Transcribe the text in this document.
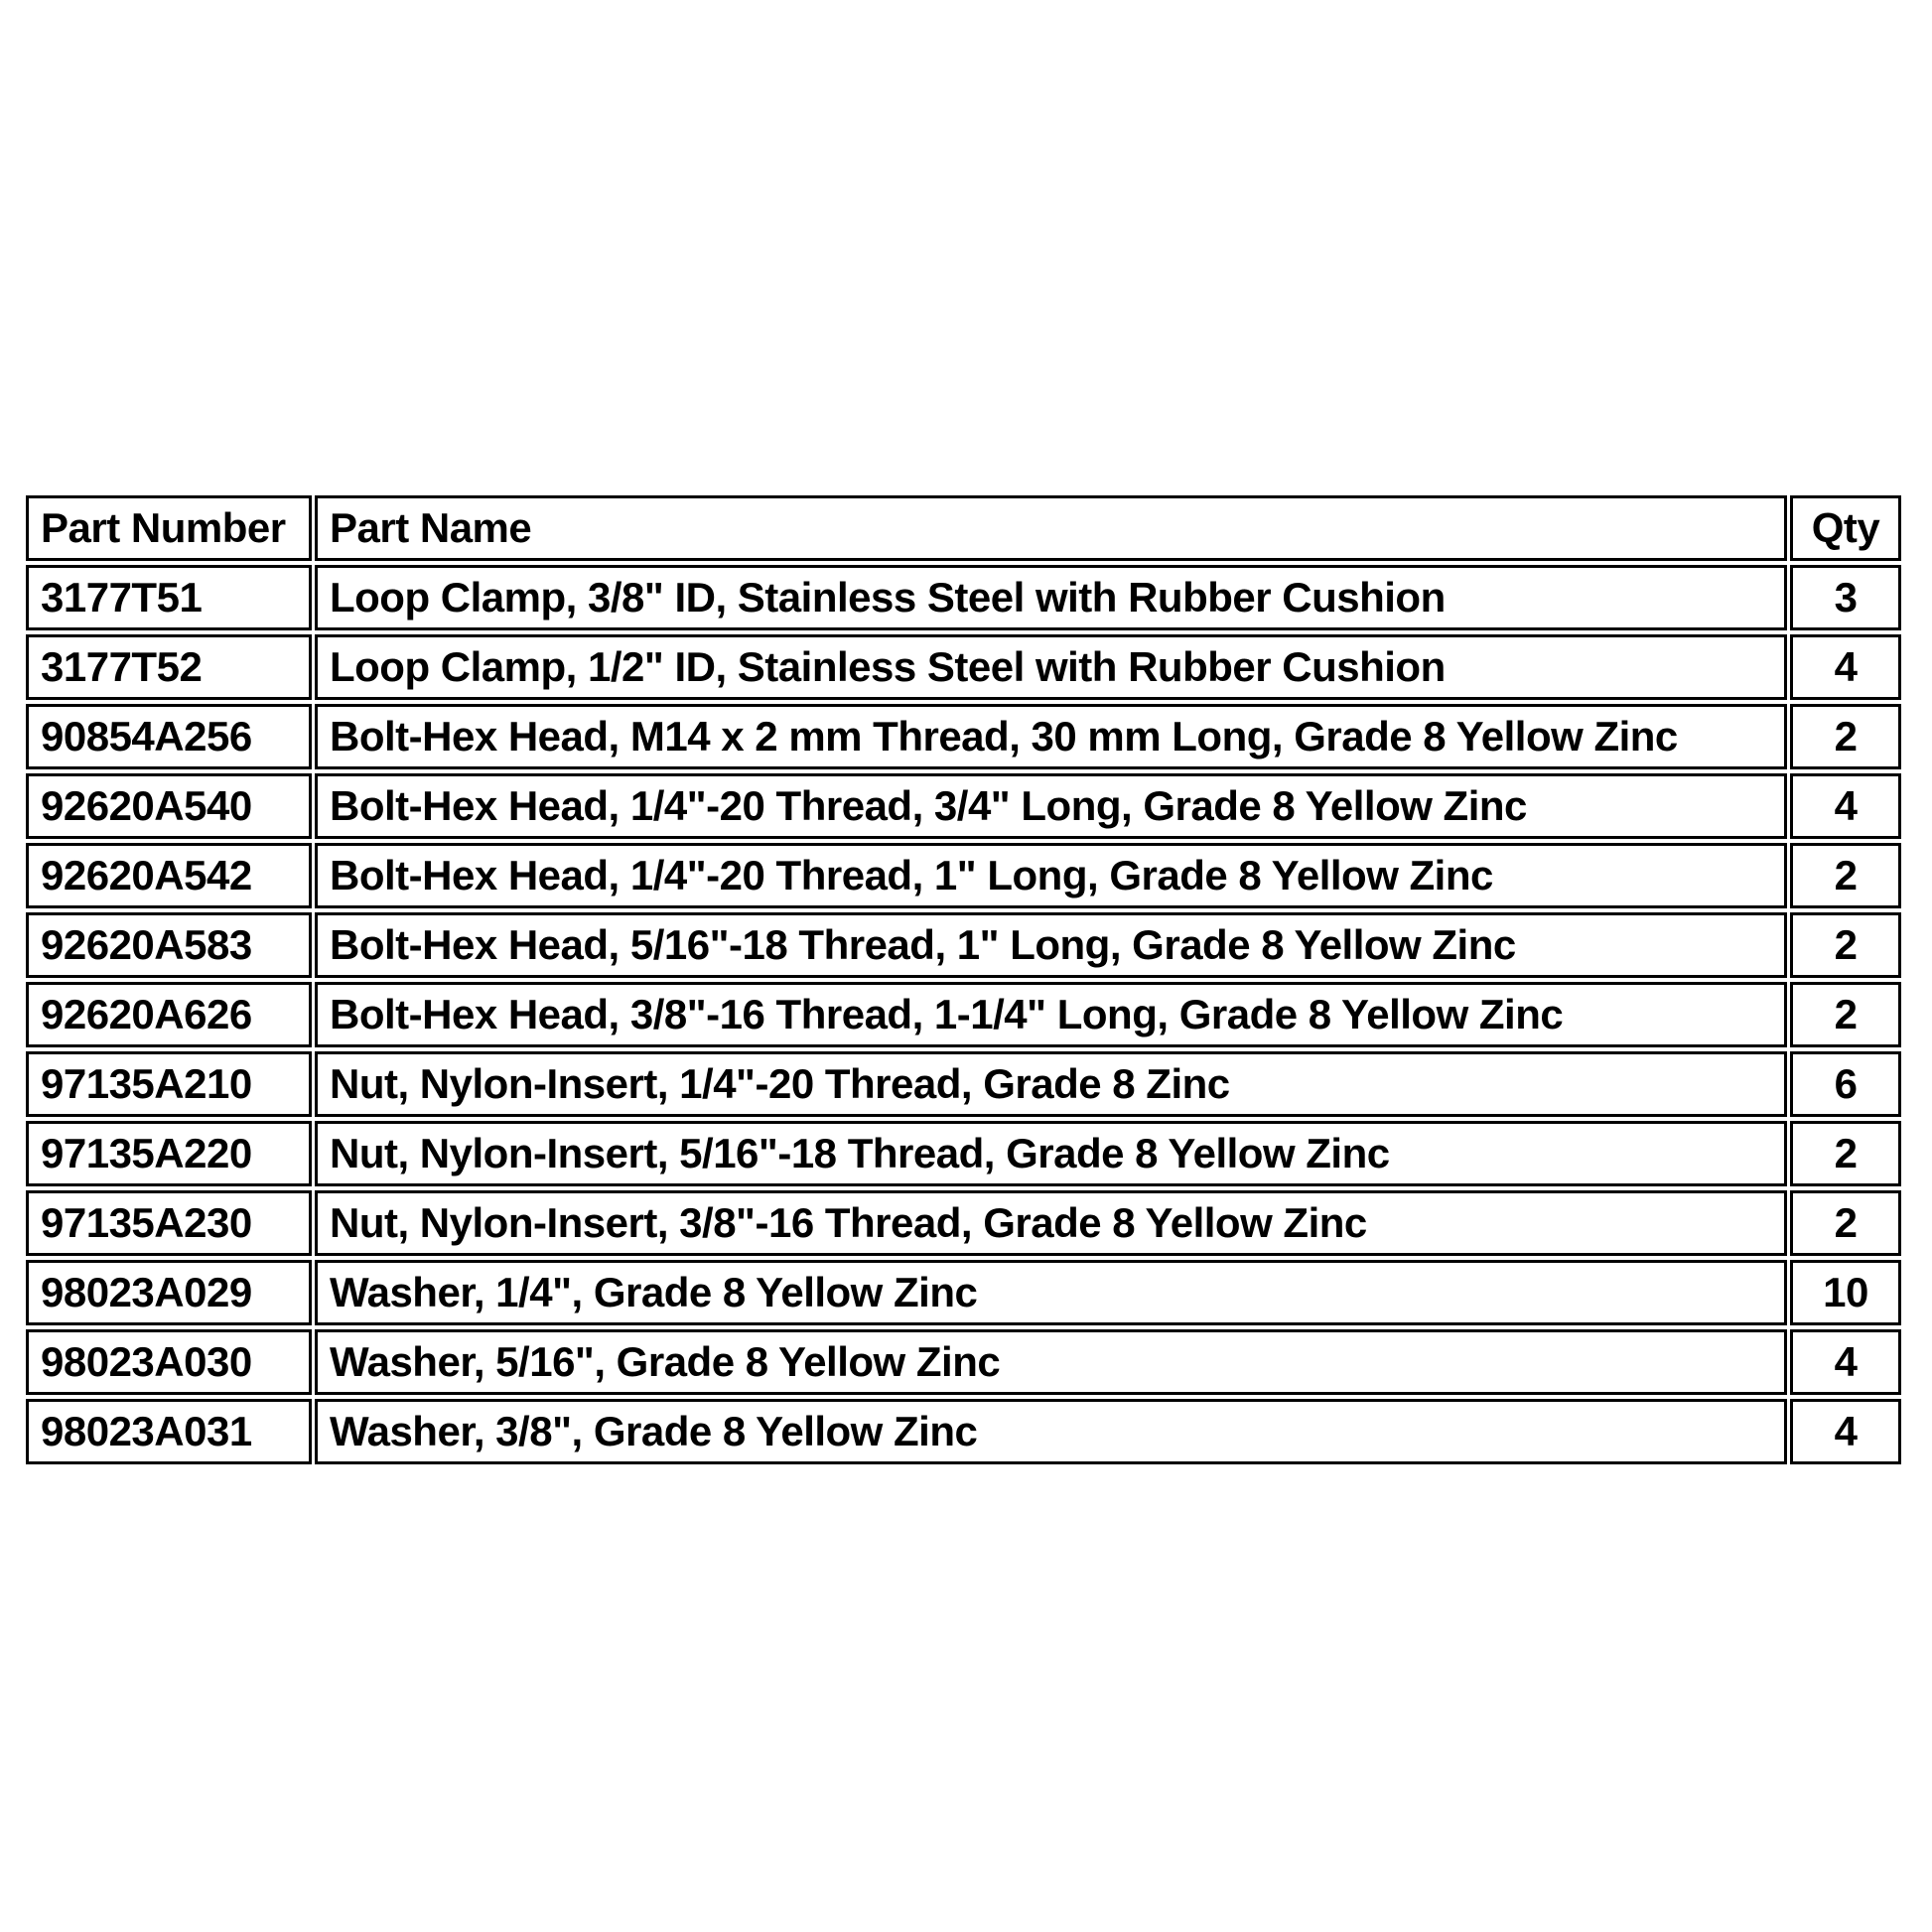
Part Number	Part Name	Qty
3177T51	Loop Clamp, 3/8" ID, Stainless Steel with Rubber Cushion	3
3177T52	Loop Clamp, 1/2" ID, Stainless Steel with Rubber Cushion	4
90854A256	Bolt-Hex Head, M14 x 2 mm Thread, 30 mm Long, Grade 8 Yellow Zinc	2
92620A540	Bolt-Hex Head, 1/4"-20 Thread, 3/4" Long, Grade 8 Yellow Zinc	4
92620A542	Bolt-Hex Head, 1/4"-20 Thread, 1" Long, Grade 8 Yellow Zinc	2
92620A583	Bolt-Hex Head, 5/16"-18 Thread, 1" Long, Grade 8 Yellow Zinc	2
92620A626	Bolt-Hex Head, 3/8"-16 Thread, 1-1/4" Long, Grade 8 Yellow Zinc	2
97135A210	Nut, Nylon-Insert, 1/4"-20 Thread, Grade 8 Zinc	6
97135A220	Nut, Nylon-Insert, 5/16"-18 Thread, Grade 8 Yellow Zinc	2
97135A230	Nut, Nylon-Insert, 3/8"-16 Thread, Grade 8 Yellow Zinc	2
98023A029	Washer, 1/4", Grade 8 Yellow Zinc	10
98023A030	Washer, 5/16", Grade 8 Yellow Zinc	4
98023A031	Washer, 3/8", Grade 8 Yellow Zinc	4
